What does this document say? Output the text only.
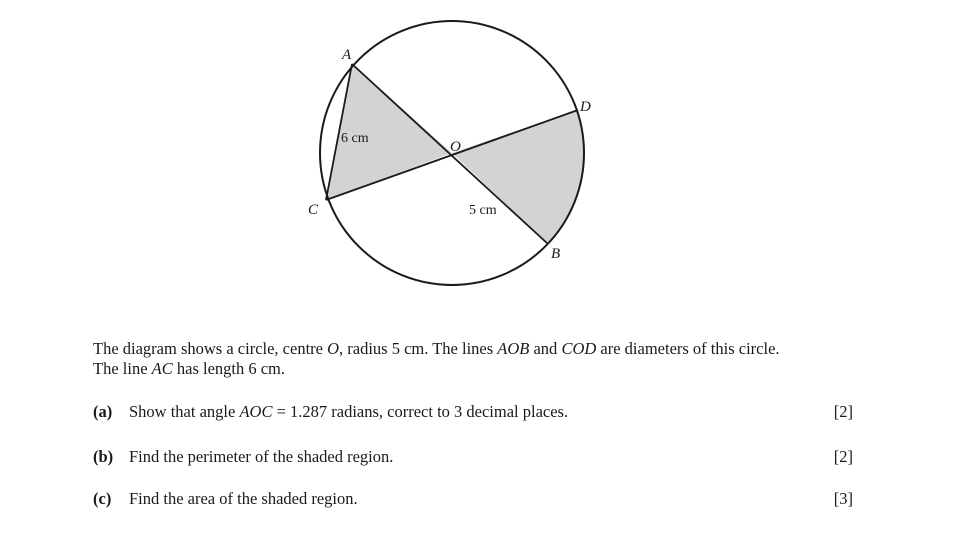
A
D
O
C
B
6 cm
5 cm

The diagram shows a circle, centre O, radius 5 cm. The lines AOB and COD are diameters of this circle.

The line AC has length 6 cm.

(a) Show that angle AOC = 1.287 radians, correct to 3 decimal places.	[2]
(b) Find the perimeter of the shaded region.	[2]
(c) Find the area of the shaded region.	[3]
